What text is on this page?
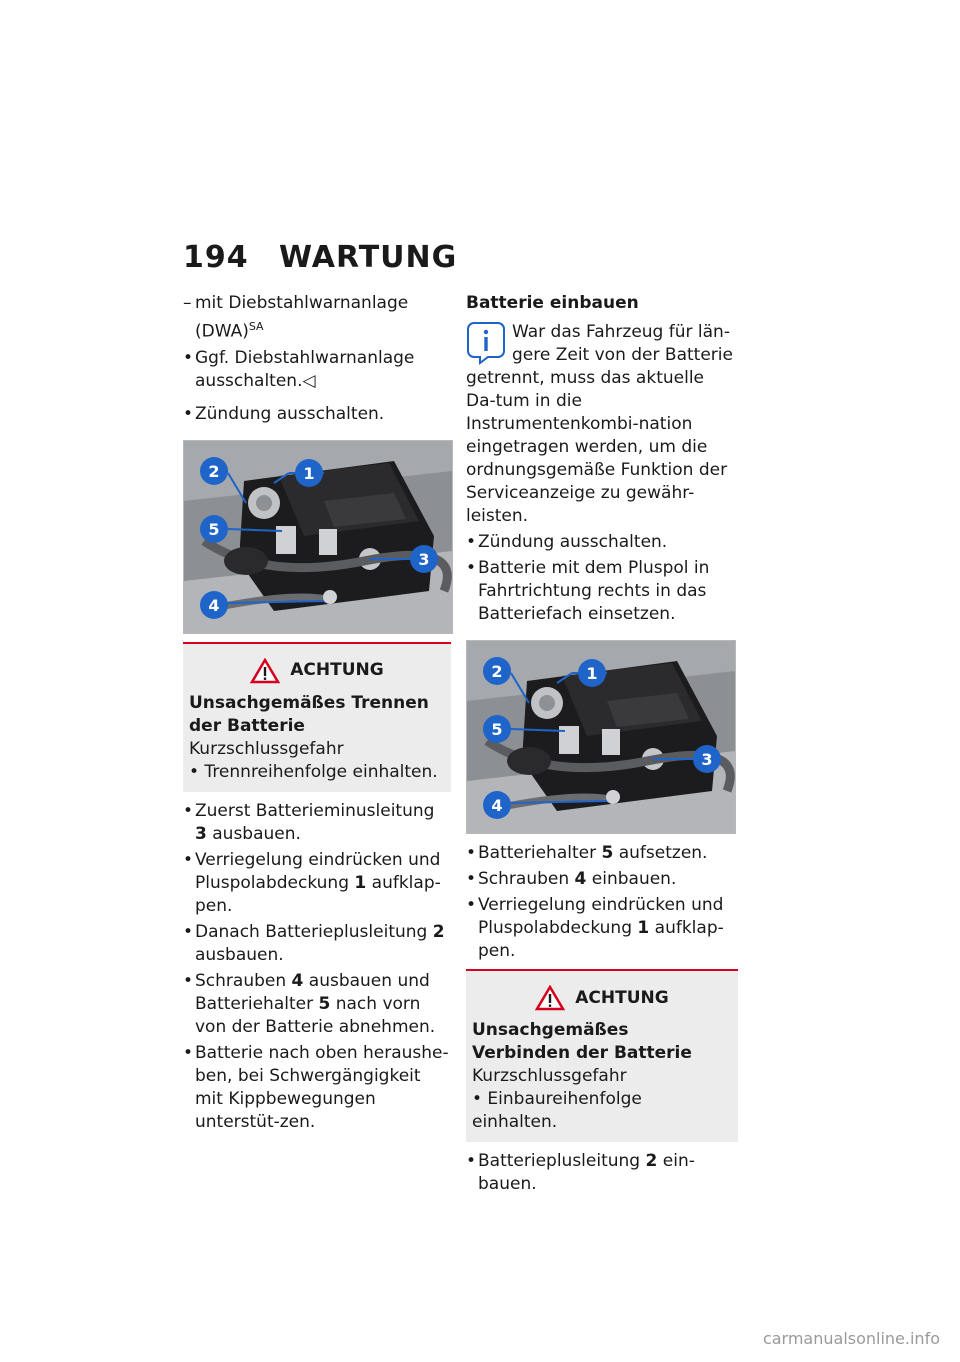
194 WARTUNG
– mit Diebstahlwarnanlage (DWA)$^{SA}$
• Ggf. Diebstahlwarnanlage ausschalten.◁
• Zündung ausschalten.
1
2
3
4
5
ACHTUNG
Unsachgemäßes Trennen der Batterie
Kurzschlussgefahr
• Trennreihenfolge einhalten.
• Zuerst Batterieminusleitung 3 ausbauen.
• Verriegelung eindrücken und Pluspolabdeckung 1 aufklap-pen.
• Danach Batterieplusleitung 2 ausbauen.
• Schrauben 4 ausbauen und Batteriehalter 5 nach vorn von der Batterie abnehmen.
• Batterie nach oben heraushe-ben, bei Schwergängigkeit mit Kippbewegungen unterstüt-zen.
Batterie einbauen
War das Fahrzeug für län-gere Zeit von der Batterie getrennt, muss das aktuelle Da-tum in die Instrumentenkombi-nation eingetragen werden, um die ordnungsgemäße Funktion der Serviceanzeige zu gewähr-leisten.
• Zündung ausschalten.
• Batterie mit dem Pluspol in Fahrtrichtung rechts in das Batteriefach einsetzen.
1
2
3
4
5
• Batteriehalter 5 aufsetzen.
• Schrauben 4 einbauen.
• Verriegelung eindrücken und Pluspolabdeckung 1 aufklap-pen.
ACHTUNG
Unsachgemäßes Verbinden der Batterie
Kurzschlussgefahr
• Einbaureihenfolge einhalten.
• Batterieplusleitung 2 ein-bauen.
carmanualsonline.info
